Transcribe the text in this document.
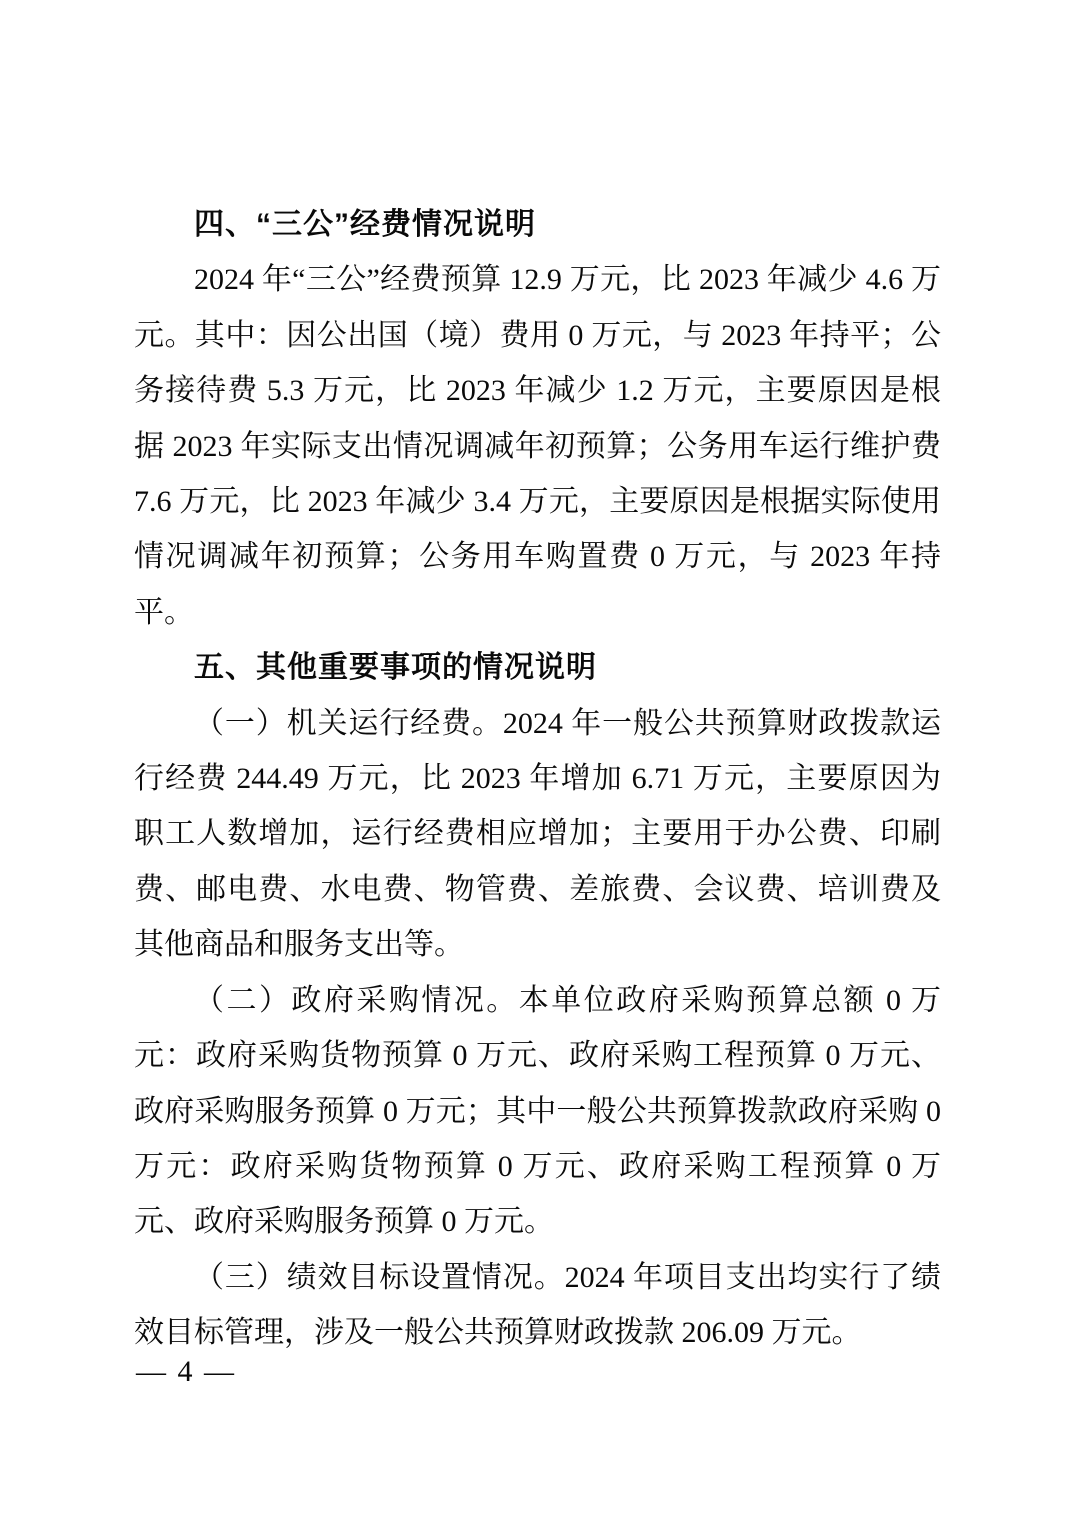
四、“三公”经费情况说明

2024 年“三公”经费预算 12.9 万元，比 2023 年减少 4.6 万元。其中：因公出国（境）费用 0 万元，与 2023 年持平；公务接待费 5.3 万元，比 2023 年减少 1.2 万元，主要原因是根据 2023 年实际支出情况调减年初预算；公务用车运行维护费 7.6 万元，比 2023 年减少 3.4 万元，主要原因是根据实际使用情况调减年初预算；公务用车购置费 0 万元，与 2023 年持平。

五、其他重要事项的情况说明

（一）机关运行经费。2024 年一般公共预算财政拨款运行经费 244.49 万元，比 2023 年增加 6.71 万元，主要原因为职工人数增加，运行经费相应增加；主要用于办公费、印刷费、邮电费、水电费、物管费、差旅费、会议费、培训费及其他商品和服务支出等。

（二）政府采购情况。本单位政府采购预算总额 0 万元：政府采购货物预算 0 万元、政府采购工程预算 0 万元、政府采购服务预算 0 万元；其中一般公共预算拨款政府采购 0 万元：政府采购货物预算 0 万元、政府采购工程预算 0 万元、政府采购服务预算 0 万元。

（三）绩效目标设置情况。2024 年项目支出均实行了绩效目标管理，涉及一般公共预算财政拨款 206.09 万元。

— 4 —
